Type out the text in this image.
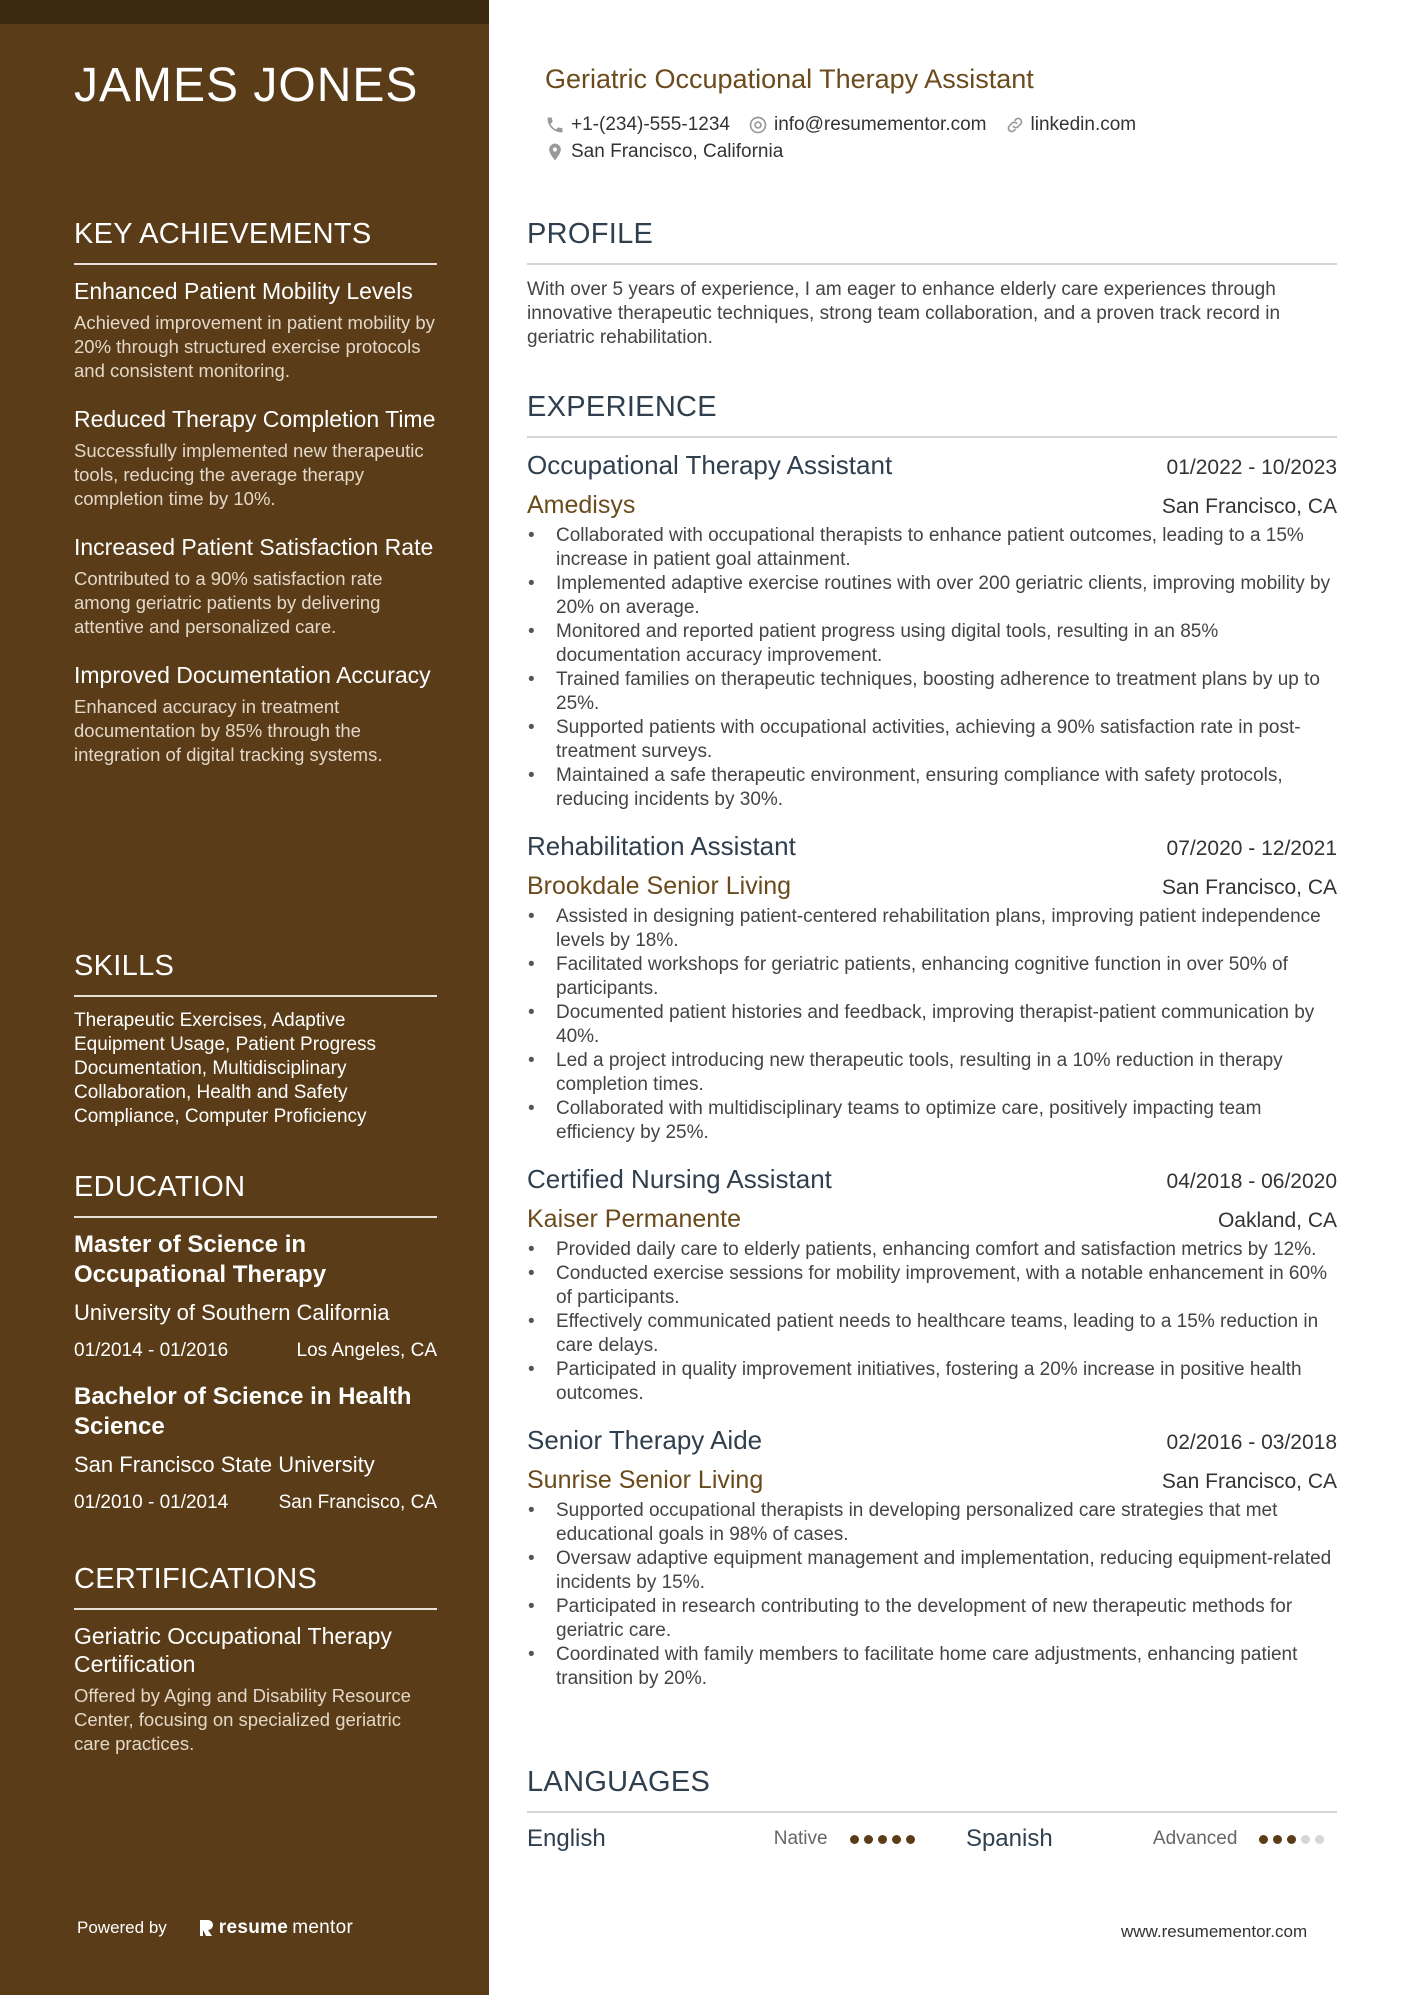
JAMES JONES
KEY ACHIEVEMENTS
Enhanced Patient Mobility Levels
Achieved improvement in patient mobility by 20% through structured exercise protocols and consistent monitoring.
Reduced Therapy Completion Time
Successfully implemented new therapeutic tools, reducing the average therapy completion time by 10%.
Increased Patient Satisfaction Rate
Contributed to a 90% satisfaction rate among geriatric patients by delivering attentive and personalized care.
Improved Documentation Accuracy
Enhanced accuracy in treatment documentation by 85% through the integration of digital tracking systems.
SKILLS
Therapeutic Exercises, Adaptive Equipment Usage, Patient Progress Documentation, Multidisciplinary Collaboration, Health and Safety Compliance, Computer Proficiency
EDUCATION
Master of Science in Occupational Therapy
University of Southern California
01/2014 - 01/2016	Los Angeles, CA
Bachelor of Science in Health Science
San Francisco State University
01/2010 - 01/2014	San Francisco, CA
CERTIFICATIONS
Geriatric Occupational Therapy Certification
Offered by Aging and Disability Resource Center, focusing on specialized geriatric care practices.
Powered by	resume mentor
Geriatric Occupational Therapy Assistant
+1-(234)-555-1234 info@resumementor.com linkedin.com
San Francisco, California
PROFILE
With over 5 years of experience, I am eager to enhance elderly care experiences through innovative therapeutic techniques, strong team collaboration, and a proven track record in geriatric rehabilitation.
EXPERIENCE
Occupational Therapy Assistant	01/2022 - 10/2023
Amedisys	San Francisco, CA
• Collaborated with occupational therapists to enhance patient outcomes, leading to a 15% increase in patient goal attainment.
• Implemented adaptive exercise routines with over 200 geriatric clients, improving mobility by 20% on average.
• Monitored and reported patient progress using digital tools, resulting in an 85% documentation accuracy improvement.
• Trained families on therapeutic techniques, boosting adherence to treatment plans by up to 25%.
• Supported patients with occupational activities, achieving a 90% satisfaction rate in post-treatment surveys.
• Maintained a safe therapeutic environment, ensuring compliance with safety protocols, reducing incidents by 30%.
Rehabilitation Assistant	07/2020 - 12/2021
Brookdale Senior Living	San Francisco, CA
• Assisted in designing patient-centered rehabilitation plans, improving patient independence levels by 18%.
• Facilitated workshops for geriatric patients, enhancing cognitive function in over 50% of participants.
• Documented patient histories and feedback, improving therapist-patient communication by 40%.
• Led a project introducing new therapeutic tools, resulting in a 10% reduction in therapy completion times.
• Collaborated with multidisciplinary teams to optimize care, positively impacting team efficiency by 25%.
Certified Nursing Assistant	04/2018 - 06/2020
Kaiser Permanente	Oakland, CA
• Provided daily care to elderly patients, enhancing comfort and satisfaction metrics by 12%.
• Conducted exercise sessions for mobility improvement, with a notable enhancement in 60% of participants.
• Effectively communicated patient needs to healthcare teams, leading to a 15% reduction in care delays.
• Participated in quality improvement initiatives, fostering a 20% increase in positive health outcomes.
Senior Therapy Aide	02/2016 - 03/2018
Sunrise Senior Living	San Francisco, CA
• Supported occupational therapists in developing personalized care strategies that met educational goals in 98% of cases.
• Oversaw adaptive equipment management and implementation, reducing equipment-related incidents by 15%.
• Participated in research contributing to the development of new therapeutic methods for geriatric care.
• Coordinated with family members to facilitate home care adjustments, enhancing patient transition by 20%.
LANGUAGES
English	Native	Spanish	Advanced
www.resumementor.com
